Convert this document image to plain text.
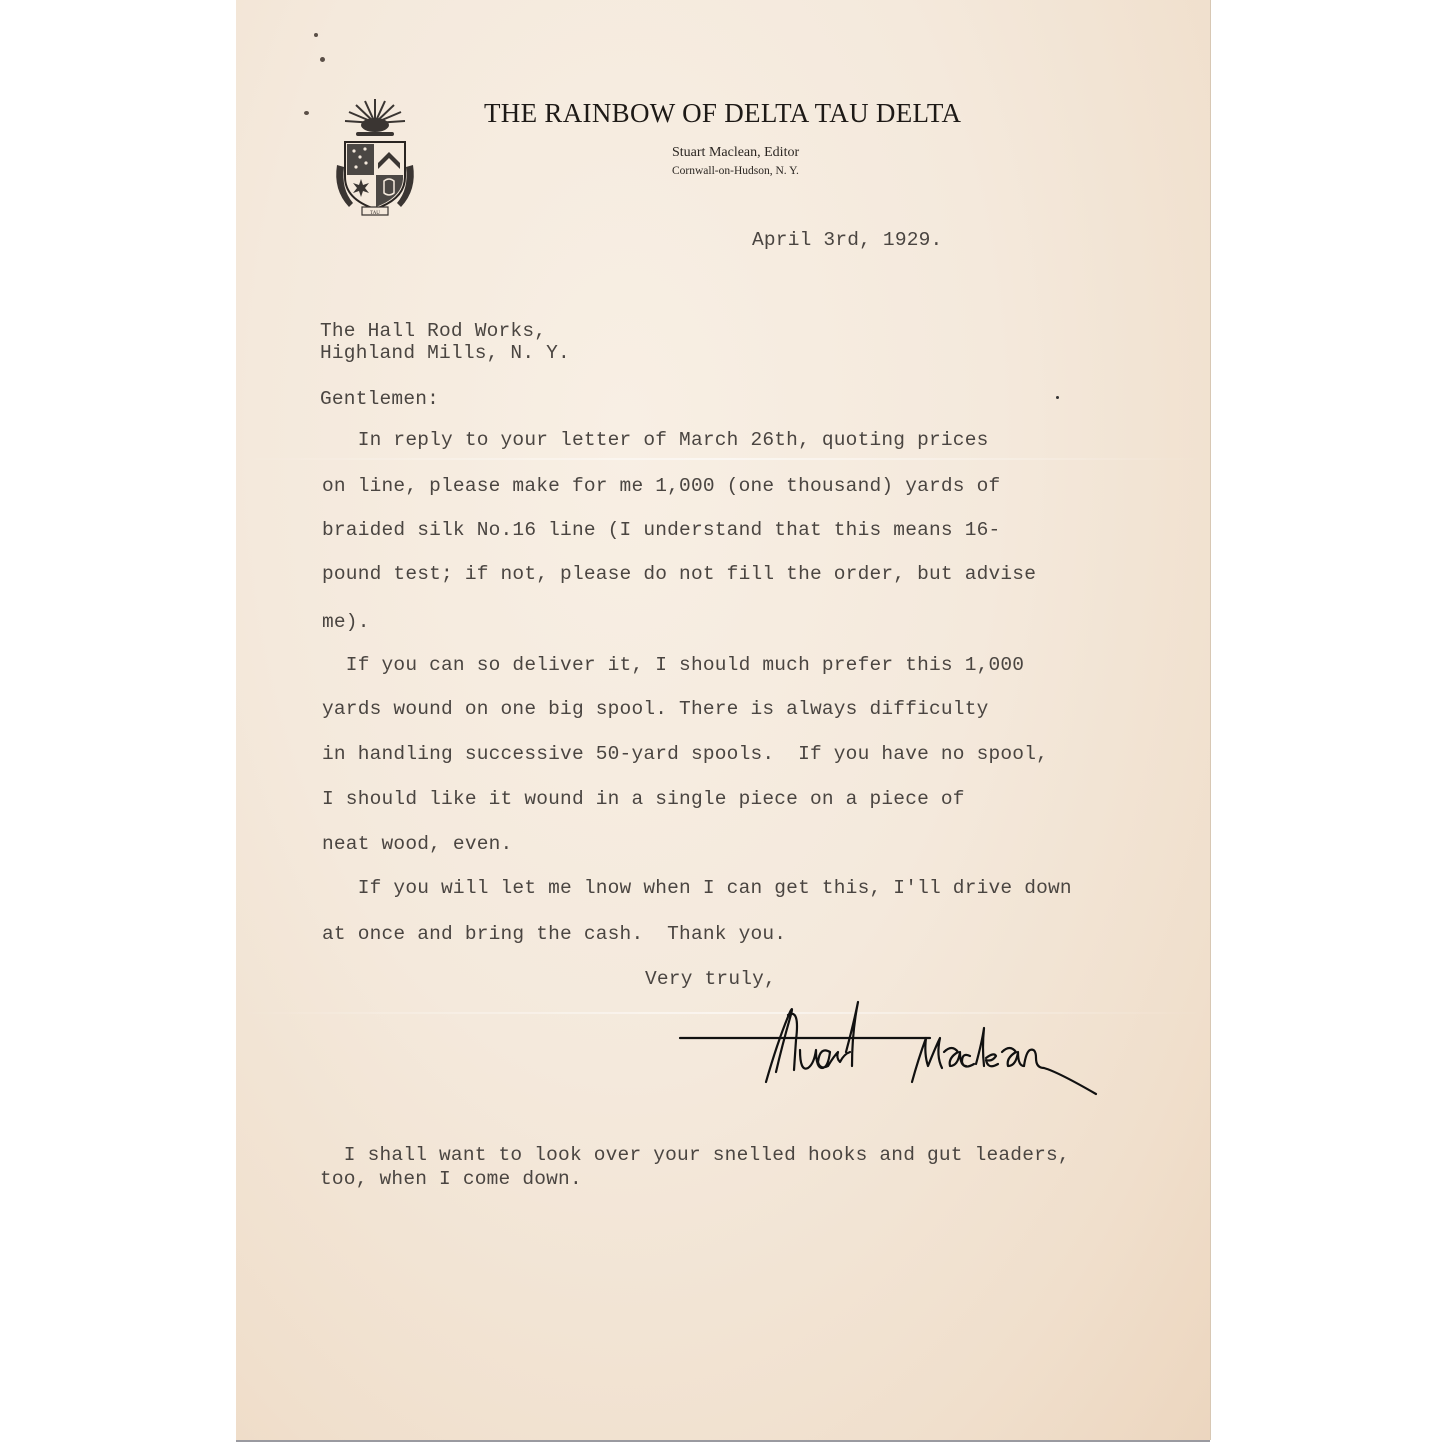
TAU
THE RAINBOW OF DELTA TAU DELTA
Stuart Maclean, Editor
Cornwall-on-Hudson, N. Y.
April 3rd, 1929.
The Hall Rod Works,
Highland Mills, N. Y.
Gentlemen:
In reply to your letter of March 26th, quoting prices
on line, please make for me 1,000 (one thousand) yards of
braided silk No.16 line (I understand that this means 16-
pound test; if not, please do not fill the order, but advise
me).
If you can so deliver it, I should much prefer this 1,000
yards wound on one big spool. There is always difficulty
in handling successive 50-yard spools.  If you have no spool,
I should like it wound in a single piece on a piece of
neat wood, even.
If you will let me lnow when I can get this, I'll drive down
at once and bring the cash.  Thank you.
Very truly,
I shall want to look over your snelled hooks and gut leaders,
too, when I come down.
